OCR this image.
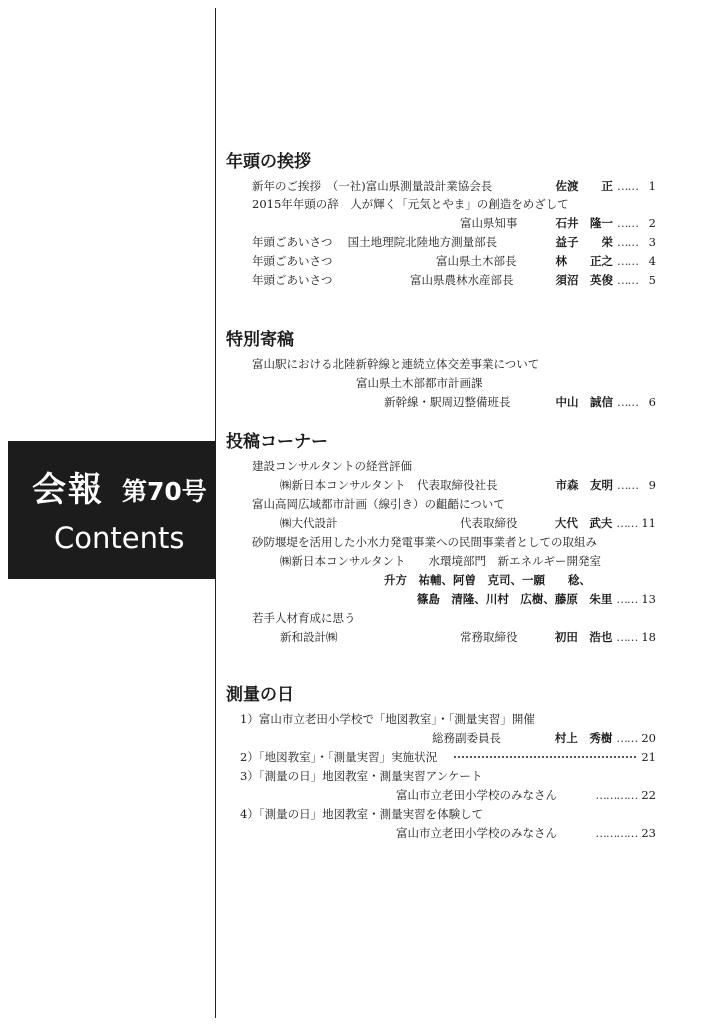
会報 第70号
Contents
年頭の挨拶
特別寄稿
投稿コーナー
測量の日
新年のご挨拶　（一社)富山県測量設計業協会長	佐渡　　正 …… 1
2015年年頭の辞　人が輝く「元気とやま」の創造をめざして
富山県知事	石井　隆一 …… 2
年頭ごあいさつ　 国土地理院北陸地方測量部長	益子　　栄 …… 3
年頭ごあいさつ	富山県土木部長	林　　正之 …… 4
年頭ごあいさつ	富山県農林水産部長	須沼　英俊 …… 5
富山駅における北陸新幹線と連続立体交差事業について
富山県土木部都市計画課
新幹線・駅周辺整備班長	中山　誠信 …… 6
建設コンサルタントの経営評価
㈱新日本コンサルタント　代表取締役社長	市森　友明 …… 9
富山高岡広域都市計画（線引き）の齟齬について
㈱大代設計	代表取締役	大代　武夫 …… 11
砂防堰堤を活用した小水力発電事業への民間事業者としての取組み
㈱新日本コンサルタント　　水環境部門　新エネルギー開発室
升方　祐輔、阿曽　克司、一願　　稔、
篠島　清隆、川村　広樹、藤原　朱里 …… 13
若手人材育成に思う
新和設計㈱	常務取締役	初田　浩也 …… 18
1）富山市立老田小学校で「地図教室」・「測量実習」開催
総務副委員長	村上　秀樹 …… 20
2）「地図教室」・「測量実習」実施状況	21
3）「測量の日」地図教室・測量実習アンケート
富山市立老田小学校のみなさん	………… 22
4）「測量の日」地図教室・測量実習を体験して
富山市立老田小学校のみなさん	………… 23
